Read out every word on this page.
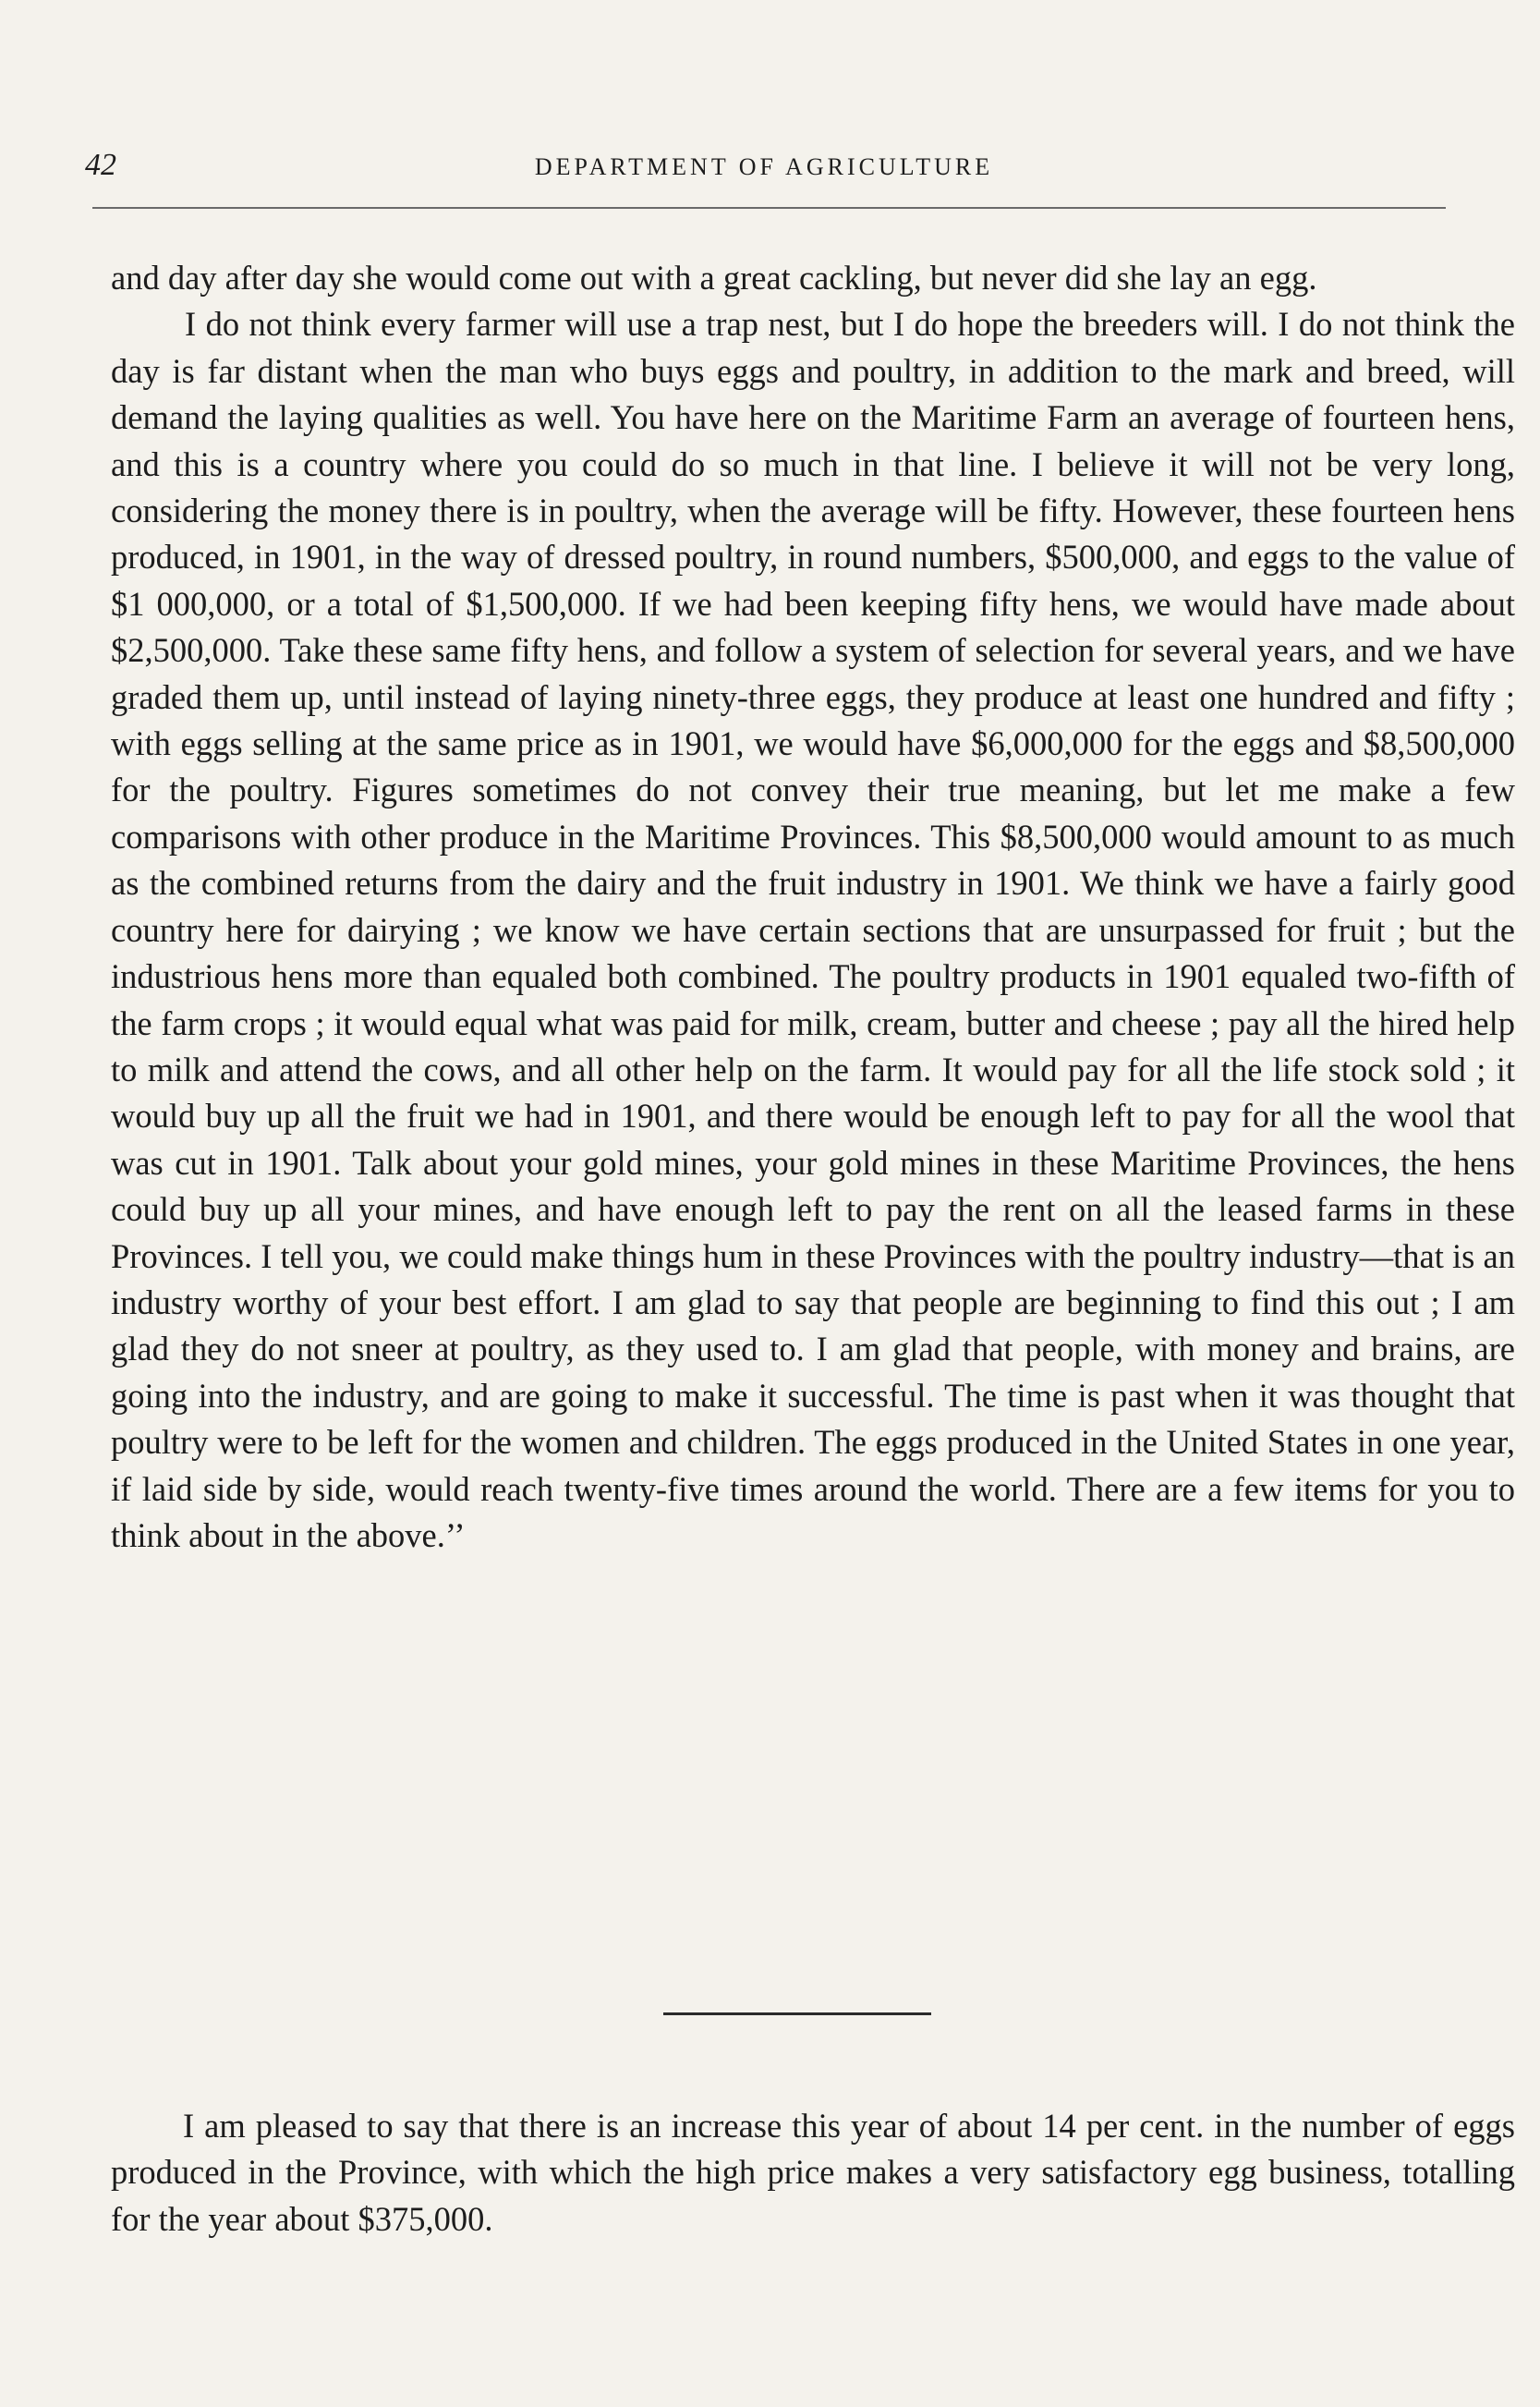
42	DEPARTMENT OF AGRICULTURE

and day after day she would come out with a great cackling, but never did she lay an egg.

I do not think every farmer will use a trap nest, but I do hope the breeders will. I do not think the day is far distant when the man who buys eggs and poultry, in addition to the mark and breed, will demand the laying qualities as well. You have here on the Maritime Farm an average of fourteen hens, and this is a country where you could do so much in that line. I believe it will not be very long, considering the money there is in poultry, when the average will be fifty. However, these fourteen hens produced, in 1901, in the way of dressed poultry, in round numbers, $500,000, and eggs to the value of $1 000,000, or a total of $1,500,000. If we had been keeping fifty hens, we would have made about $2,500,000. Take these same fifty hens, and follow a system of selection for several years, and we have graded them up, until instead of laying ninety-three eggs, they produce at least one hundred and fifty ; with eggs selling at the same price as in 1901, we would have $6,000,000 for the eggs and $8,500,000 for the poultry. Figures sometimes do not convey their true meaning, but let me make a few comparisons with other produce in the Maritime Provinces. This $8,500,000 would amount to as much as the combined returns from the dairy and the fruit industry in 1901. We think we have a fairly good country here for dairying ; we know we have certain sections that are unsurpassed for fruit ; but the industrious hens more than equaled both combined. The poultry products in 1901 equaled two-fifth of the farm crops ; it would equal what was paid for milk, cream, butter and cheese ; pay all the hired help to milk and attend the cows, and all other help on the farm. It would pay for all the life stock sold ; it would buy up all the fruit we had in 1901, and there would be enough left to pay for all the wool that was cut in 1901. Talk about your gold mines, your gold mines in these Maritime Provinces, the hens could buy up all your mines, and have enough left to pay the rent on all the leased farms in these Provinces. I tell you, we could make things hum in these Provinces with the poultry industry—that is an industry worthy of your best effort. I am glad to say that people are beginning to find this out ; I am glad they do not sneer at poultry, as they used to. I am glad that people, with money and brains, are going into the industry, and are going to make it successful. The time is past when it was thought that poultry were to be left for the women and children. The eggs produced in the United States in one year, if laid side by side, would reach twenty-five times around the world. There are a few items for you to think about in the above.’’

I am pleased to say that there is an increase this year of about 14 per cent. in the number of eggs produced in the Province, with which the high price makes a very satisfactory egg business, totalling for the year about $375,000.
